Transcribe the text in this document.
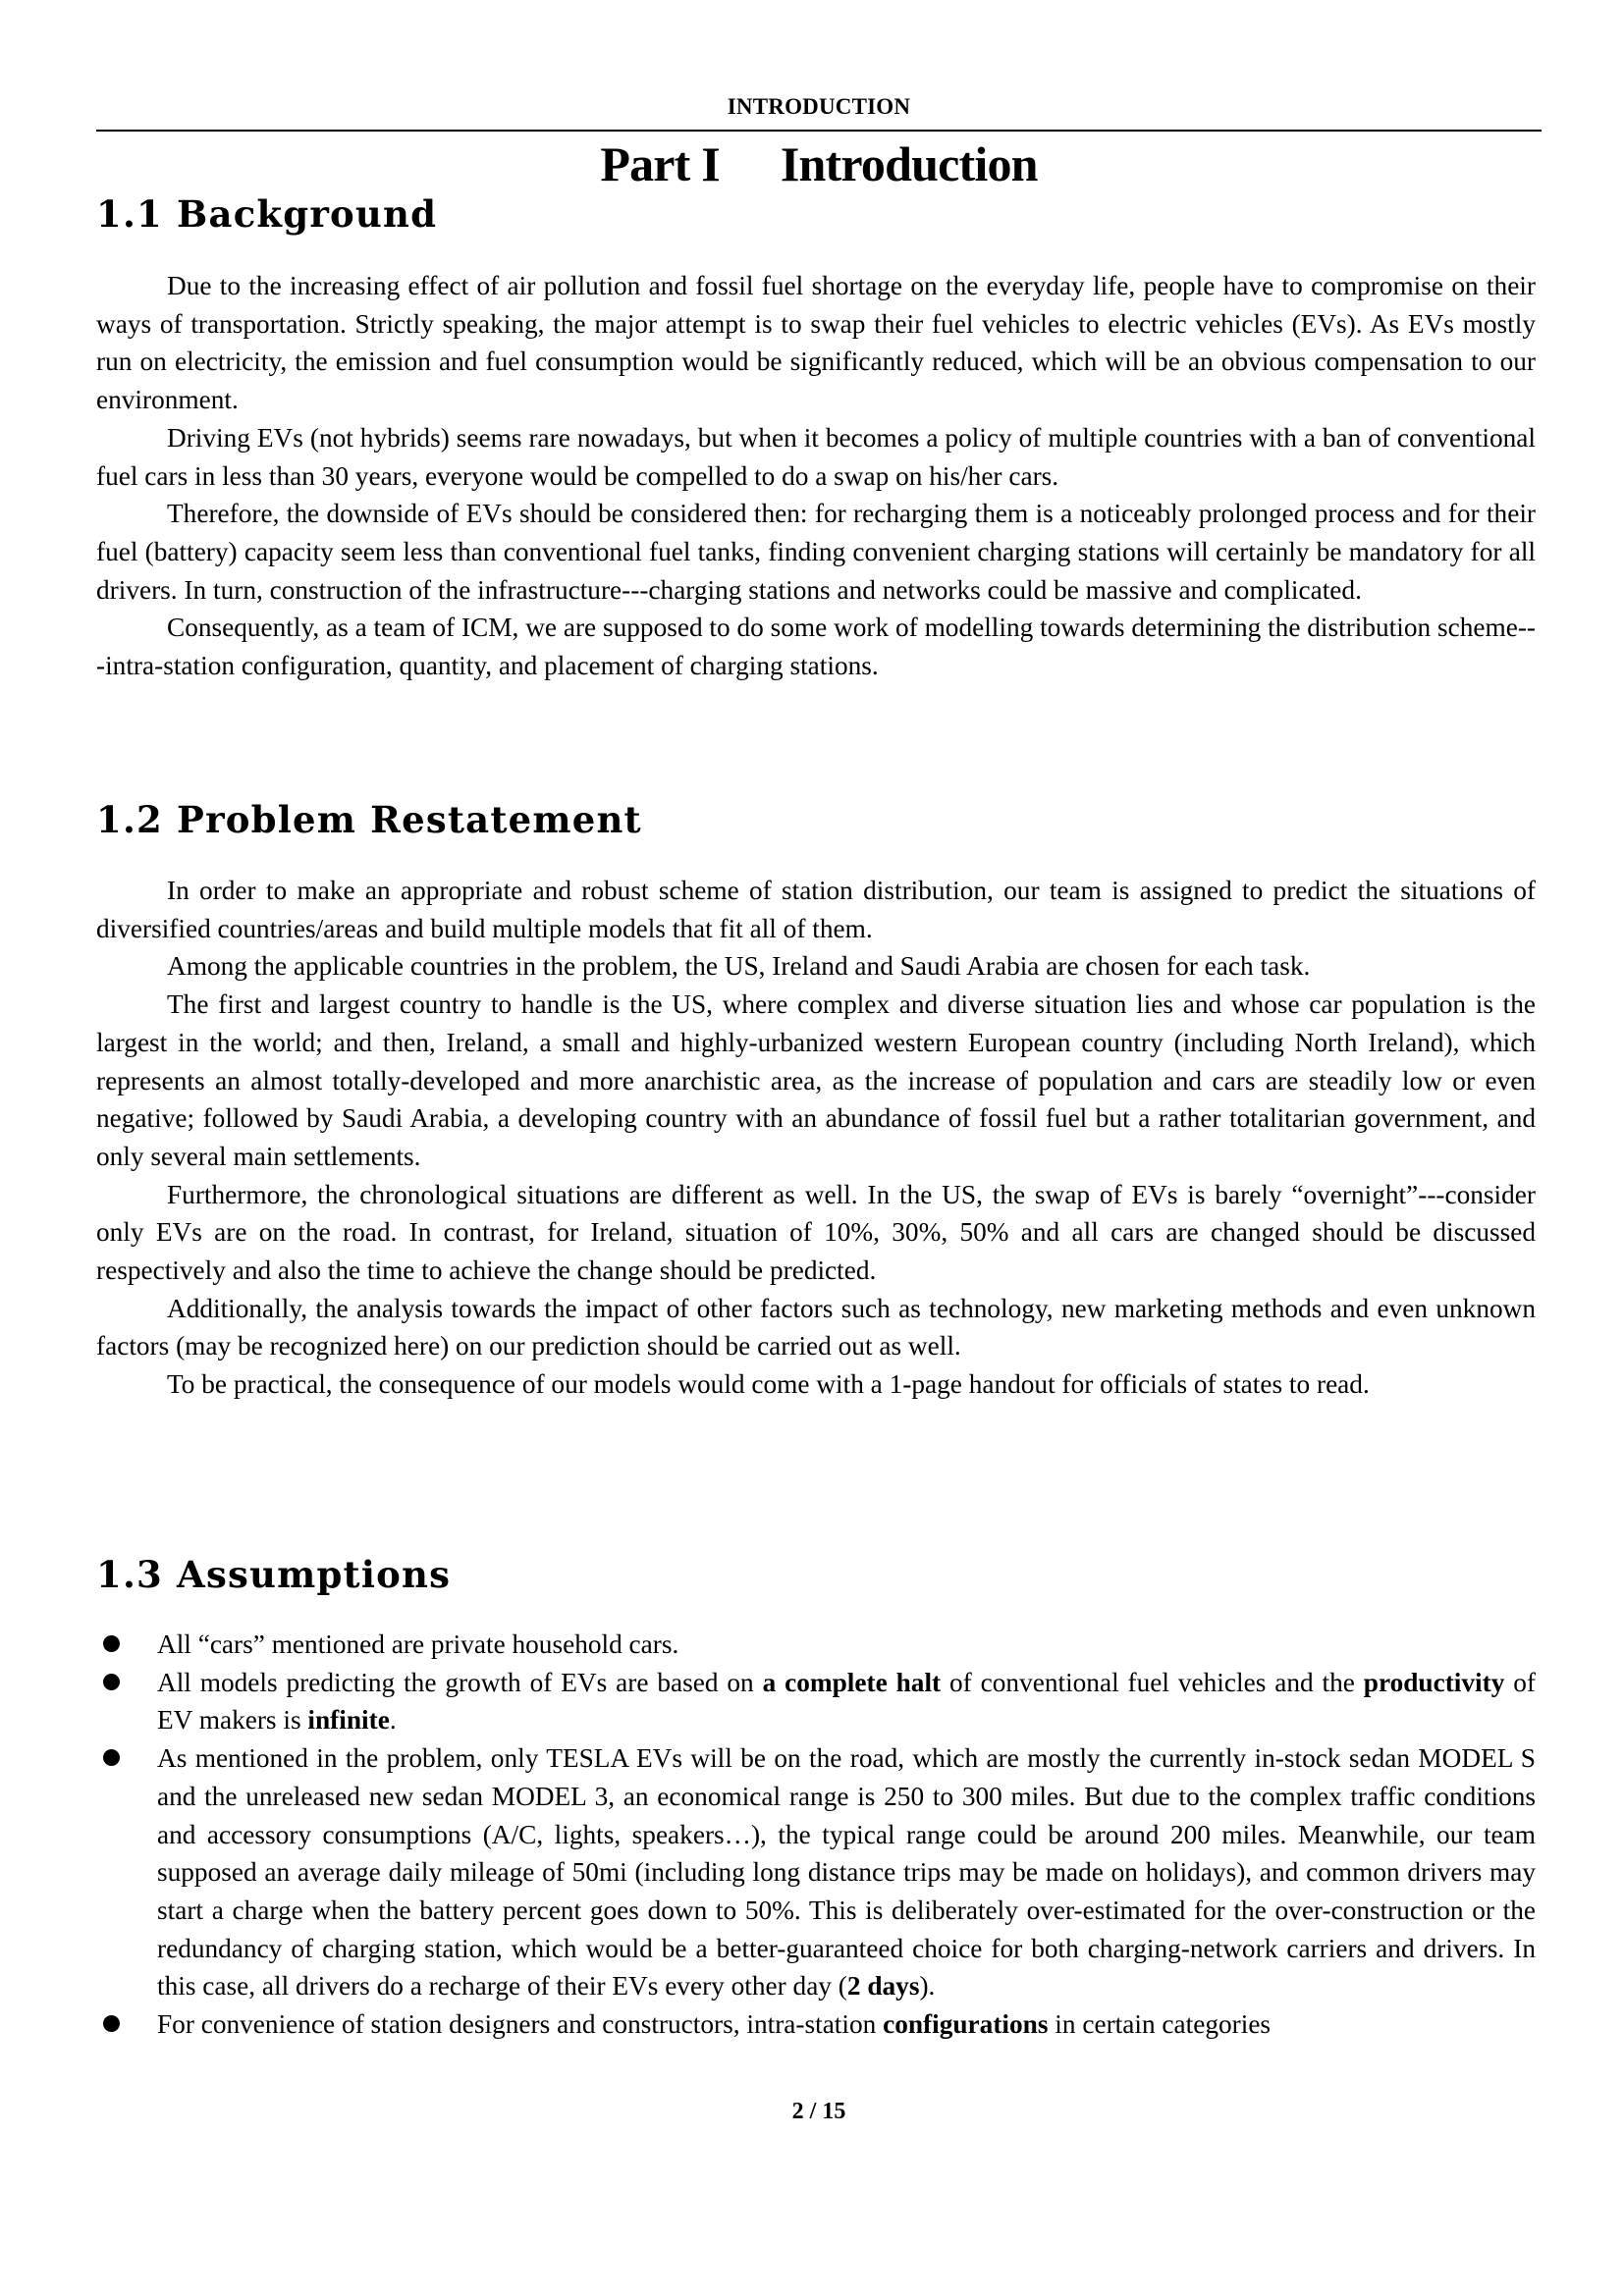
INTRODUCTION
Part I Introduction
1.1 Background

Due to the increasing effect of air pollution and fossil fuel shortage on the everyday life, people have to compromise on their ways of transportation. Strictly speaking, the major attempt is to swap their fuel vehicles to electric vehicles (EVs). As EVs mostly run on electricity, the emission and fuel consumption would be significantly reduced, which will be an obvious compensation to our environment.

Driving EVs (not hybrids) seems rare nowadays, but when it becomes a policy of multiple countries with a ban of conventional fuel cars in less than 30 years, everyone would be compelled to do a swap on his/her cars.

Therefore, the downside of EVs should be considered then: for recharging them is a noticeably prolonged process and for their fuel (battery) capacity seem less than conventional fuel tanks, finding convenient charging stations will certainly be mandatory for all drivers. In turn, construction of the infrastructure---charging stations and networks could be massive and complicated.

Consequently, as a team of ICM, we are supposed to do some work of modelling towards determining the distribution scheme---intra-station configuration, quantity, and placement of charging stations.

1.2 Problem Restatement

In order to make an appropriate and robust scheme of station distribution, our team is assigned to predict the situations of diversified countries/areas and build multiple models that fit all of them.

Among the applicable countries in the problem, the US, Ireland and Saudi Arabia are chosen for each task.

The first and largest country to handle is the US, where complex and diverse situation lies and whose car population is the largest in the world; and then, Ireland, a small and highly-urbanized western European country (including North Ireland), which represents an almost totally-developed and more anarchistic area, as the increase of population and cars are steadily low or even negative; followed by Saudi Arabia, a developing country with an abundance of fossil fuel but a rather totalitarian government, and only several main settlements.

Furthermore, the chronological situations are different as well. In the US, the swap of EVs is barely “overnight”---consider only EVs are on the road. In contrast, for Ireland, situation of 10%, 30%, 50% and all cars are changed should be discussed respectively and also the time to achieve the change should be predicted.

Additionally, the analysis towards the impact of other factors such as technology, new marketing methods and even unknown factors (may be recognized here) on our prediction should be carried out as well.

To be practical, the consequence of our models would come with a 1-page handout for officials of states to read.

1.3 Assumptions
All “cars” mentioned are private household cars.
All models predicting the growth of EVs are based on a complete halt of conventional fuel vehicles and the productivity of EV makers is infinite.
As mentioned in the problem, only TESLA EVs will be on the road, which are mostly the currently in-stock sedan MODEL S and the unreleased new sedan MODEL 3, an economical range is 250 to 300 miles. But due to the complex traffic conditions and accessory consumptions (A/C, lights, speakers…), the typical range could be around 200 miles. Meanwhile, our team supposed an average daily mileage of 50mi (including long distance trips may be made on holidays), and common drivers may start a charge when the battery percent goes down to 50%. This is deliberately over-estimated for the over-construction or the redundancy of charging station, which would be a better-guaranteed choice for both charging-network carriers and drivers. In this case, all drivers do a recharge of their EVs every other day (2 days).
For convenience of station designers and constructors, intra-station configurations in certain categories
2 / 15
